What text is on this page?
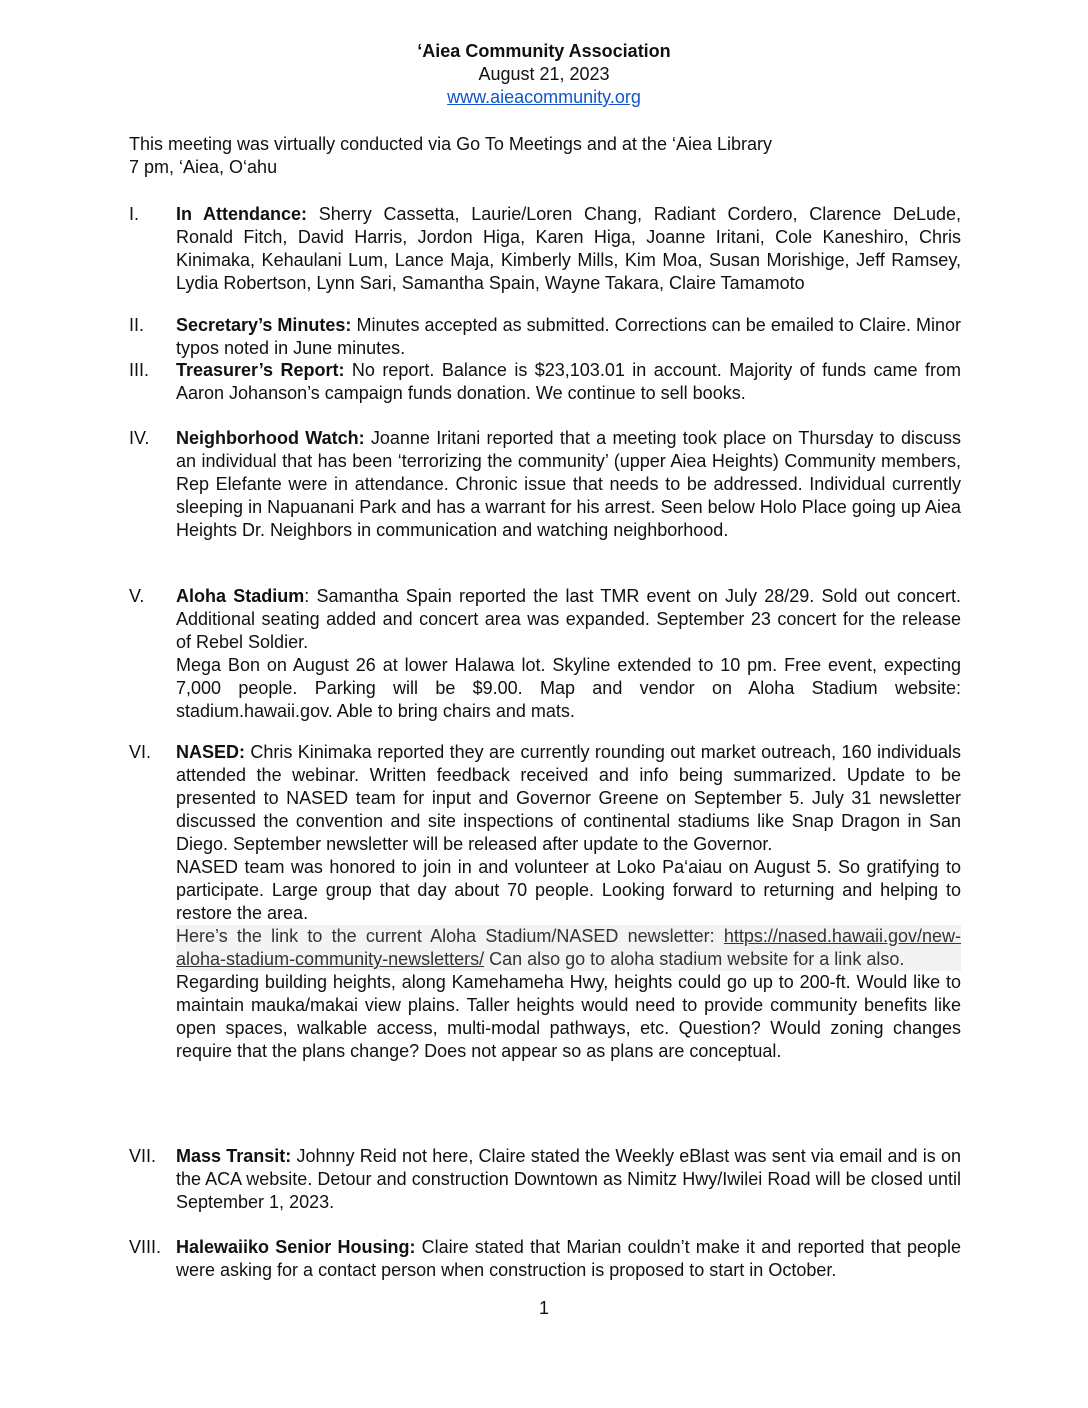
‘Aiea Community Association
August 21, 2023
www.aieacommunity.org
This meeting was virtually conducted via Go To Meetings and at the ‘Aiea Library
7 pm, ‘Aiea, O‘ahu
I.	In Attendance: Sherry Cassetta, Laurie/Loren Chang, Radiant Cordero, Clarence DeLude, Ronald Fitch, David Harris, Jordon Higa, Karen Higa, Joanne Iritani, Cole Kaneshiro, Chris Kinimaka, Kehaulani Lum, Lance Maja, Kimberly Mills, Kim Moa, Susan Morishige, Jeff Ramsey, Lydia Robertson, Lynn Sari, Samantha Spain, Wayne Takara, Claire Tamamoto

II.	Secretary’s Minutes: Minutes accepted as submitted. Corrections can be emailed to Claire. Minor typos noted in June minutes.

III.	Treasurer’s Report: No report. Balance is $23,103.01 in account. Majority of funds came from Aaron Johanson’s campaign funds donation. We continue to sell books.

IV.	Neighborhood Watch: Joanne Iritani reported that a meeting took place on Thursday to discuss an individual that has been ‘terrorizing the community’ (upper Aiea Heights) Community members, Rep Elefante were in attendance. Chronic issue that needs to be addressed. Individual currently sleeping in Napuanani Park and has a warrant for his arrest. Seen below Holo Place going up Aiea Heights Dr. Neighbors in communication and watching neighborhood.

V.	Aloha Stadium: Samantha Spain reported the last TMR event on July 28/29. Sold out concert. Additional seating added and concert area was expanded. September 23 concert for the release of Rebel Soldier.

Mega Bon on August 26 at lower Halawa lot. Skyline extended to 10 pm. Free event, expecting 7,000 people. Parking will be $9.00. Map and vendor on Aloha Stadium website: stadium.hawaii.gov. Able to bring chairs and mats.

VI.	NASED: Chris Kinimaka reported they are currently rounding out market outreach, 160 individuals attended the webinar. Written feedback received and info being summarized. Update to be presented to NASED team for input and Governor Greene on September 5. July 31 newsletter discussed the convention and site inspections of continental stadiums like Snap Dragon in San Diego. September newsletter will be released after update to the Governor.

NASED team was honored to join in and volunteer at Loko Pa‘aiau on August 5. So gratifying to participate. Large group that day about 70 people. Looking forward to returning and helping to restore the area.

Here’s the link to the current Aloha Stadium/NASED newsletter: https://nased.hawaii.gov/new-aloha-stadium-community-newsletters/ Can also go to aloha stadium website for a link also.

Regarding building heights, along Kamehameha Hwy, heights could go up to 200-ft. Would like to maintain mauka/makai view plains. Taller heights would need to provide community benefits like open spaces, walkable access, multi-modal pathways, etc. Question? Would zoning changes require that the plans change? Does not appear so as plans are conceptual.

VII.	Mass Transit: Johnny Reid not here, Claire stated the Weekly eBlast was sent via email and is on the ACA website. Detour and construction Downtown as Nimitz Hwy/Iwilei Road will be closed until September 1, 2023.

VIII. Halewaiiko Senior Housing: Claire stated that Marian couldn’t make it and reported that people were asking for a contact person when construction is proposed to start in October.

1
